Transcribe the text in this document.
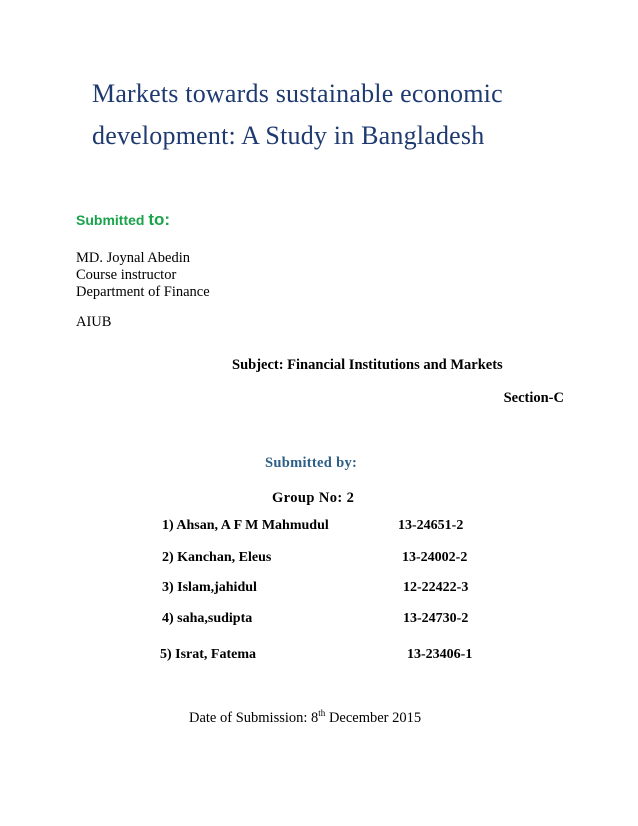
Markets towards sustainable economic
development: A Study in Bangladesh
Submitted to:
MD. Joynal Abedin
Course instructor
Department of Finance
AIUB
Subject: Financial Institutions and Markets
Section-C
Submitted by:
Group No: 2
1) Ahsan, A F M Mahmudul	13-24651-2
2) Kanchan, Eleus	13-24002-2
3) Islam,jahidul	12-22422-3
4) saha,sudipta	13-24730-2
5) Israt, Fatema	13-23406-1
Date of Submission: 8th December 2015
